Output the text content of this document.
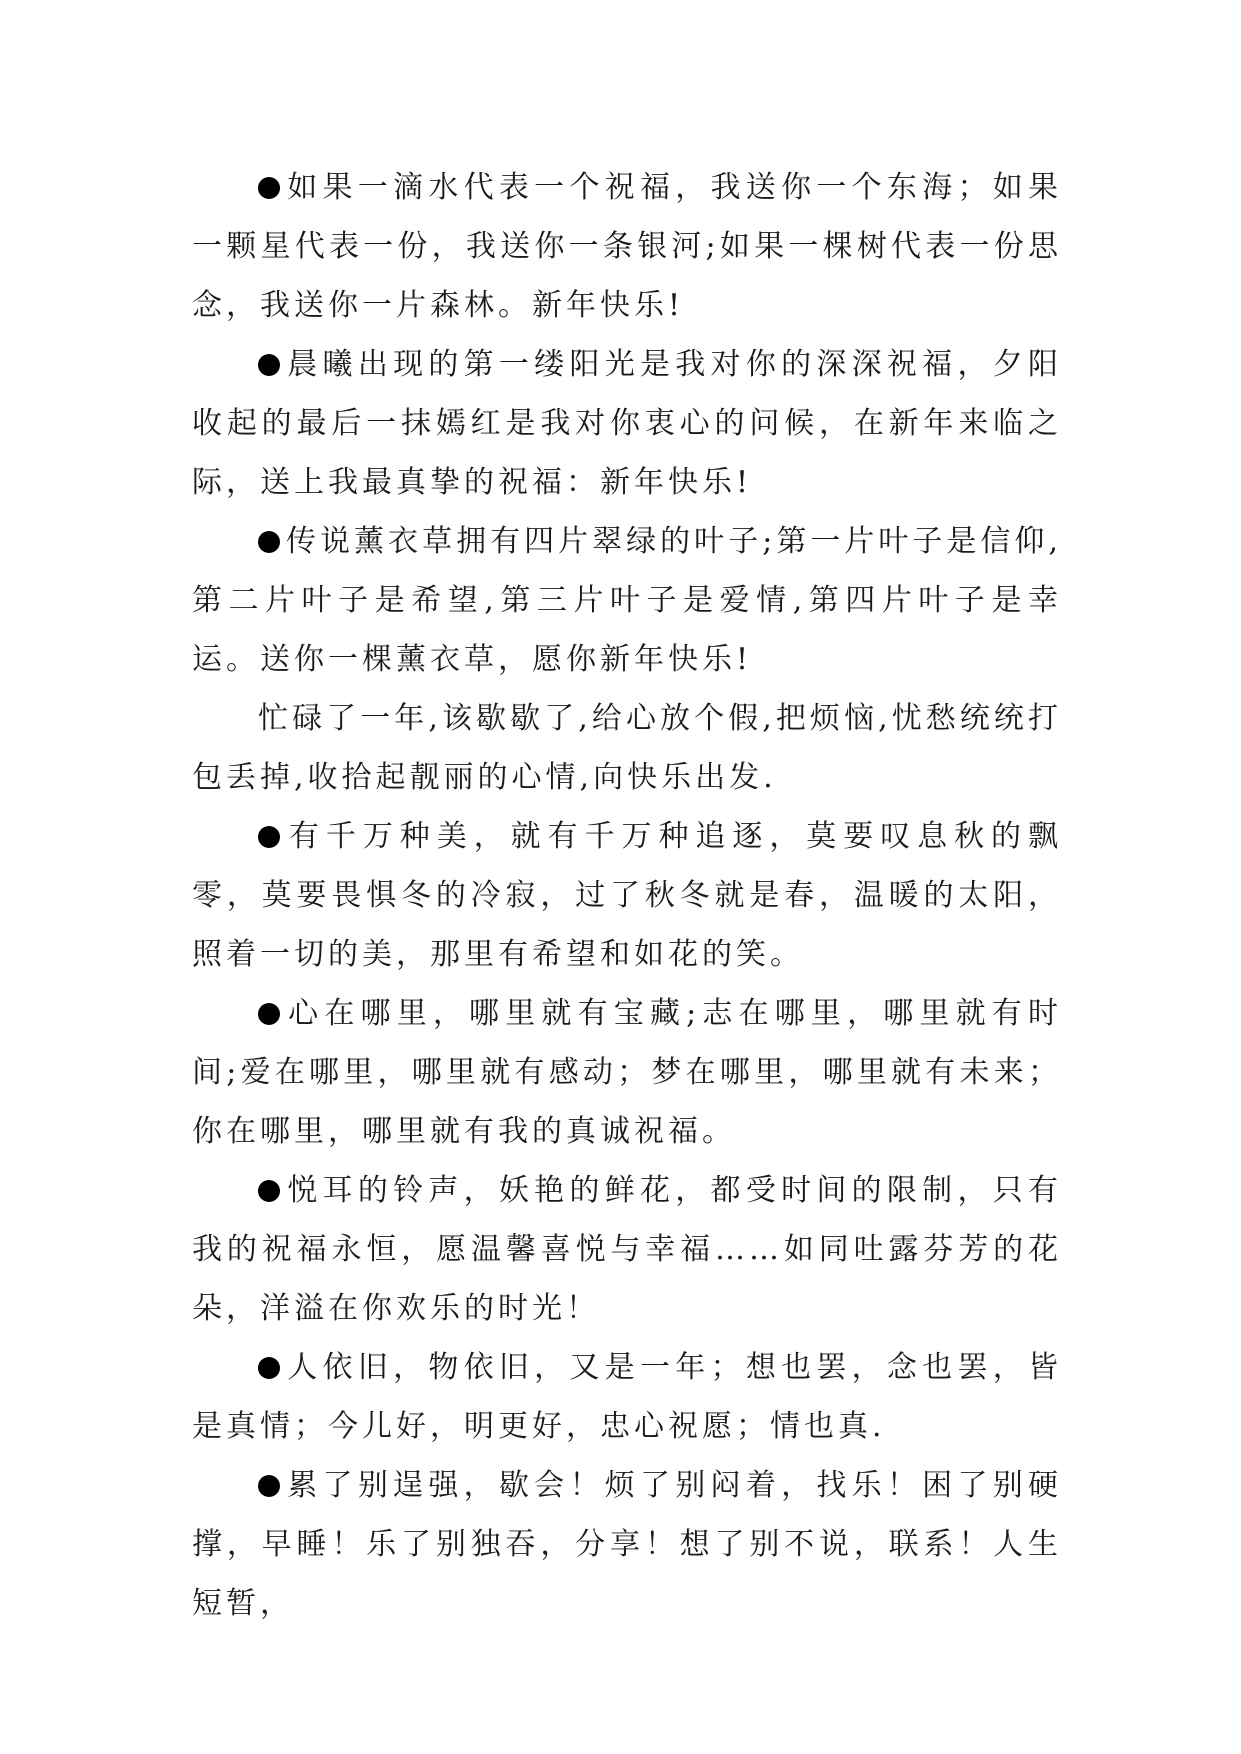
如果一滴水代表一个祝福，我送你一个东海；如果一颗星代表一份，我送你一条银河;如果一棵树代表一份思念，我送你一片森林。新年快乐!

晨曦出现的第一缕阳光是我对你的深深祝福，夕阳收起的最后一抹嫣红是我对你衷心的问候，在新年来临之际，送上我最真挚的祝福：新年快乐!

传说薰衣草拥有四片翠绿的叶子;第一片叶子是信仰,第二片叶子是希望,第三片叶子是爱情,第四片叶子是幸运。送你一棵薰衣草，愿你新年快乐!

忙碌了一年,该歇歇了,给心放个假,把烦恼,忧愁统统打包丢掉,收拾起靓丽的心情,向快乐出发.

有千万种美，就有千万种追逐，莫要叹息秋的飘零，莫要畏惧冬的冷寂，过了秋冬就是春，温暖的太阳，照着一切的美，那里有希望和如花的笑。

心在哪里，哪里就有宝藏;志在哪里，哪里就有时间;爱在哪里，哪里就有感动；梦在哪里，哪里就有未来；你在哪里，哪里就有我的真诚祝福。

悦耳的铃声，妖艳的鲜花，都受时间的限制，只有我的祝福永恒，愿温馨喜悦与幸福……如同吐露芬芳的花朵，洋溢在你欢乐的时光！

人依旧，物依旧，又是一年；想也罢，念也罢，皆是真情；今儿好，明更好，忠心祝愿；情也真.

累了别逞强，歇会！烦了别闷着，找乐！困了别硬撑，早睡！乐了别独吞，分享！想了别不说，联系！人生短暂，
